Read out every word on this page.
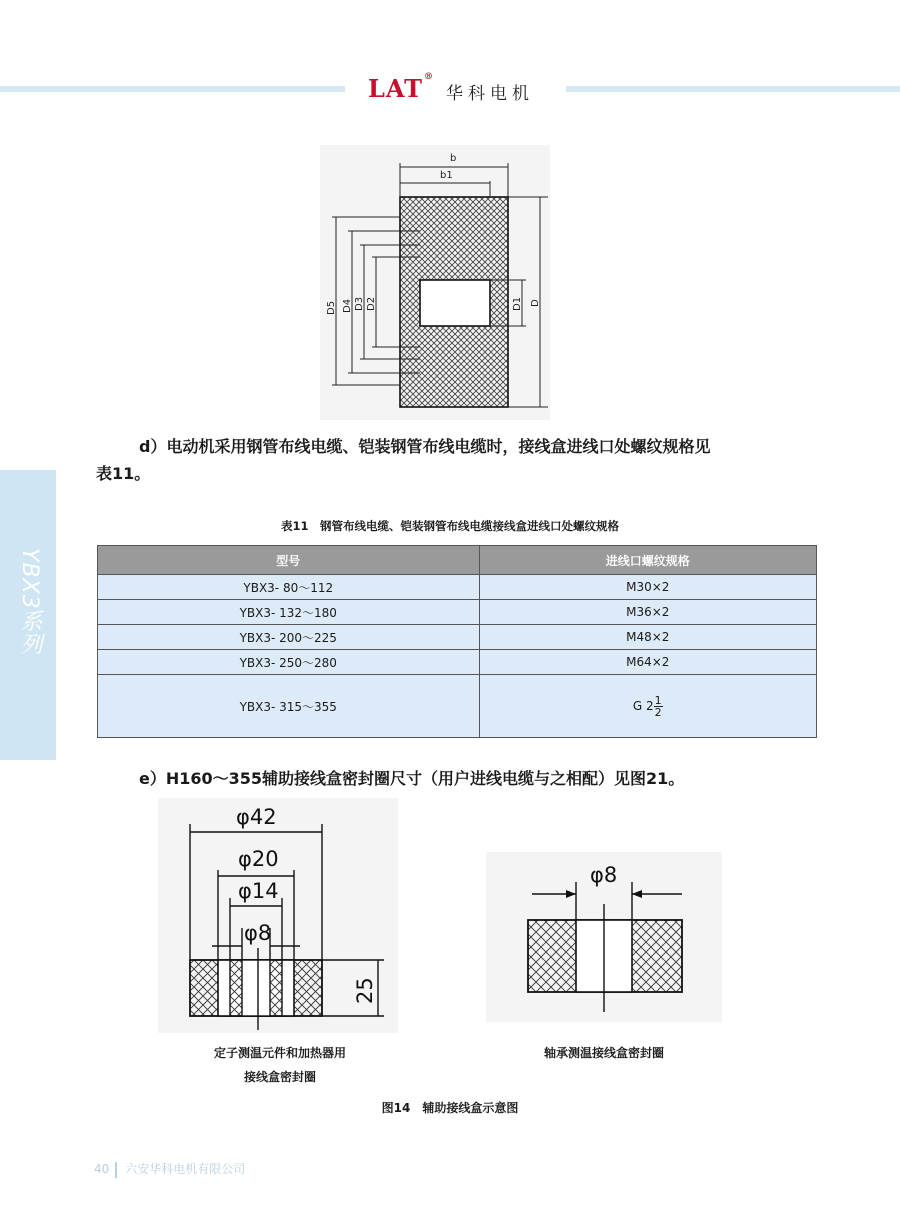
LAT®
华科电机
YBX3系列
b
b1
D5 D4 D3 D2	D1 D
d）电动机采用钢管布线电缆、铠装钢管布线电缆时，接线盒进线口处螺纹规格见
表11。
表11　钢管布线电缆、铠装钢管布线电缆接线盒进线口处螺纹规格
型号	进线口螺纹规格
YBX3- 80～112	M30×2
YBX3- 132～180	M36×2
YBX3- 200～225	M48×2
YBX3- 250～280	M64×2
YBX3- 315～355	G $2 \frac{1}{2}$
e）H160～355辅助接线盒密封圈尺寸（用户进线电缆与之相配）见图21。
φ42
φ20
φ14
φ8
25
定子测温元件和加热器用
接线盒密封圈
φ8
轴承测温接线盒密封圈
图14　辅助接线盒示意图
40 六安华科电机有限公司
